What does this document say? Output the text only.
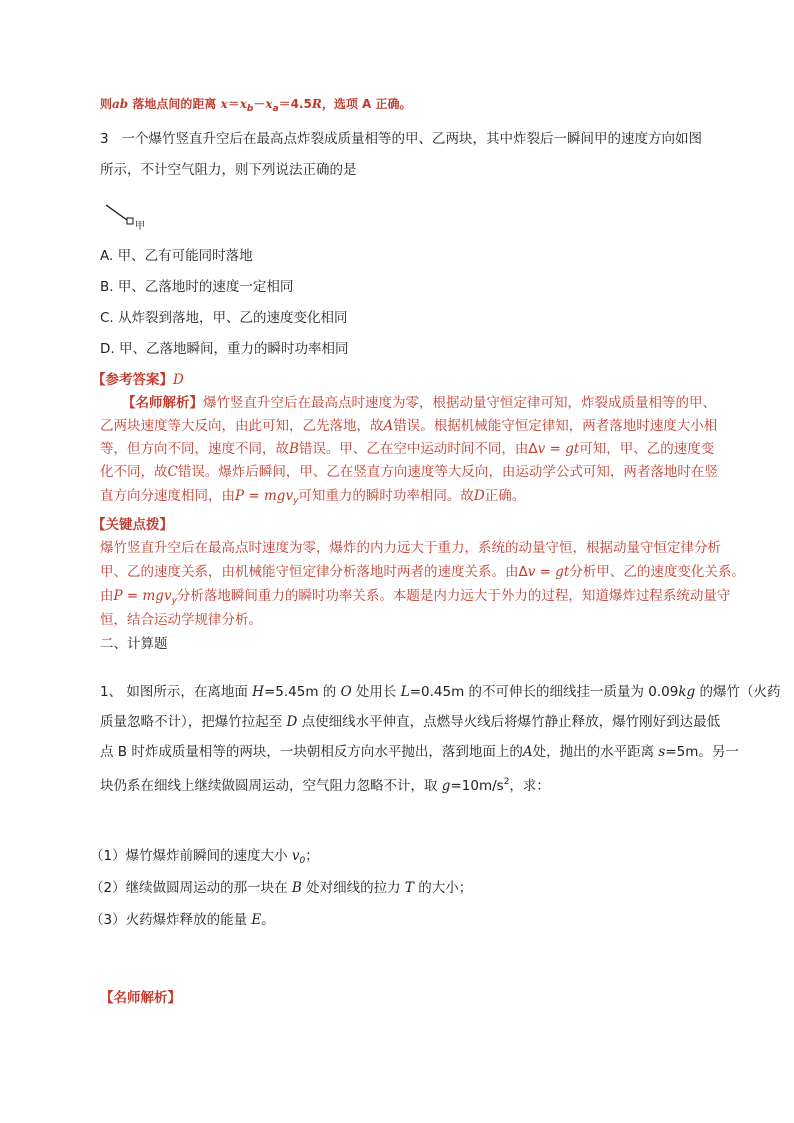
则ab 落地点间的距离 $x=x_b-x_a=4.5R$，选项 A 正确。
3 一个爆竹竖直升空后在最高点炸裂成质量相等的甲、乙两块，其中炸裂后一瞬间甲的速度方向如图
所示，不计空气阻力，则下列说法正确的是
甲
A. 甲、乙有可能同时落地
B. 甲、乙落地时的速度一定相同
C. 从炸裂到落地，甲、乙的速度变化相同
D. 甲、乙落地瞬间，重力的瞬时功率相同
【参考答案】D
【名师解析】爆竹竖直升空后在最高点时速度为零，根据动量守恒定律可知，炸裂成质量相等的甲、
乙两块速度等大反向，由此可知，乙先落地，故A错误。根据机械能守恒定律知，两者落地时速度大小相
等，但方向不同，速度不同，故B错误。甲、乙在空中运动时间不同，由Δv = gt可知，甲、乙的速度变
化不同，故C错误。爆炸后瞬间，甲、乙在竖直方向速度等大反向，由运动学公式可知，两者落地时在竖
直方向分速度相同，由P = mgv$_y$可知重力的瞬时功率相同。故D正确。
【关键点拨】
爆竹竖直升空后在最高点时速度为零，爆炸的内力远大于重力，系统的动量守恒，根据动量守恒定律分析
甲、乙的速度关系，由机械能守恒定律分析落地时两者的速度关系。由Δv = gt分析甲、乙的速度变化关系。
由P = mgv$_y$分析落地瞬间重力的瞬时功率关系。本题是内力远大于外力的过程，知道爆炸过程系统动量守
恒，结合运动学规律分析。
二、计算题
1、 如图所示，在离地面 H=5.45m 的 O 处用长 L=0.45m 的不可伸长的细线挂一质量为 0.09kg 的爆竹（火药
质量忽略不计），把爆竹拉起至 D 点使细线水平伸直，点燃导火线后将爆竹静止释放，爆竹刚好到达最低
点 B 时炸成质量相等的两块，一块朝相反方向水平抛出，落到地面上的A处，抛出的水平距离 s=5m。另一
块仍系在细线上继续做圆周运动，空气阻力忽略不计，取 $g=10m/s^2$，求：
（1）爆竹爆炸前瞬间的速度大小 $v_0$；
（2）继续做圆周运动的那一块在 B 处对细线的拉力 T 的大小；
（3）火药爆炸释放的能量 E。
【名师解析】
